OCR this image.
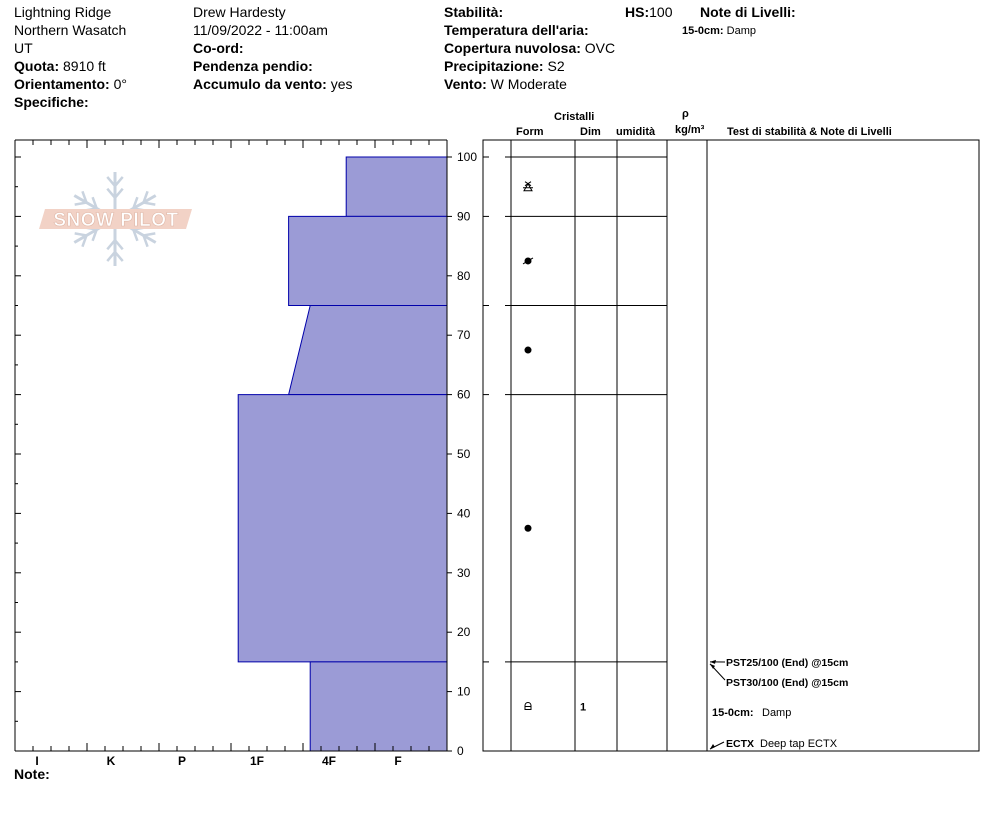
Lightning Ridge
Northern Wasatch
UT
Quota: 8910 ft
Orientamento: 0°
Specifiche:
Drew Hardesty
11/09/2022 - 11:00am
Co-ord:
Pendenza pendio:
Accumulo da vento: yes
Stabilità:
Temperatura dell'aria:
Copertura nuvolosa: OVC
Precipitazione: S2
Vento: W Moderate
HS:100 Note di Livelli:
15-0cm: Damp
Cristalli
Form	Dim umidità
ρ
kg/m³ Test di stabilità & Note di Livelli
Note:
0
10
20
30
40
50
60
70
80
90
100
I	K	P	1F	4F	F
SNOW PILOT
1
PST25/100 (End) @15cm
PST30/100 (End) @15cm
15-0cm: Damp
ECTX Deep tap ECTX
